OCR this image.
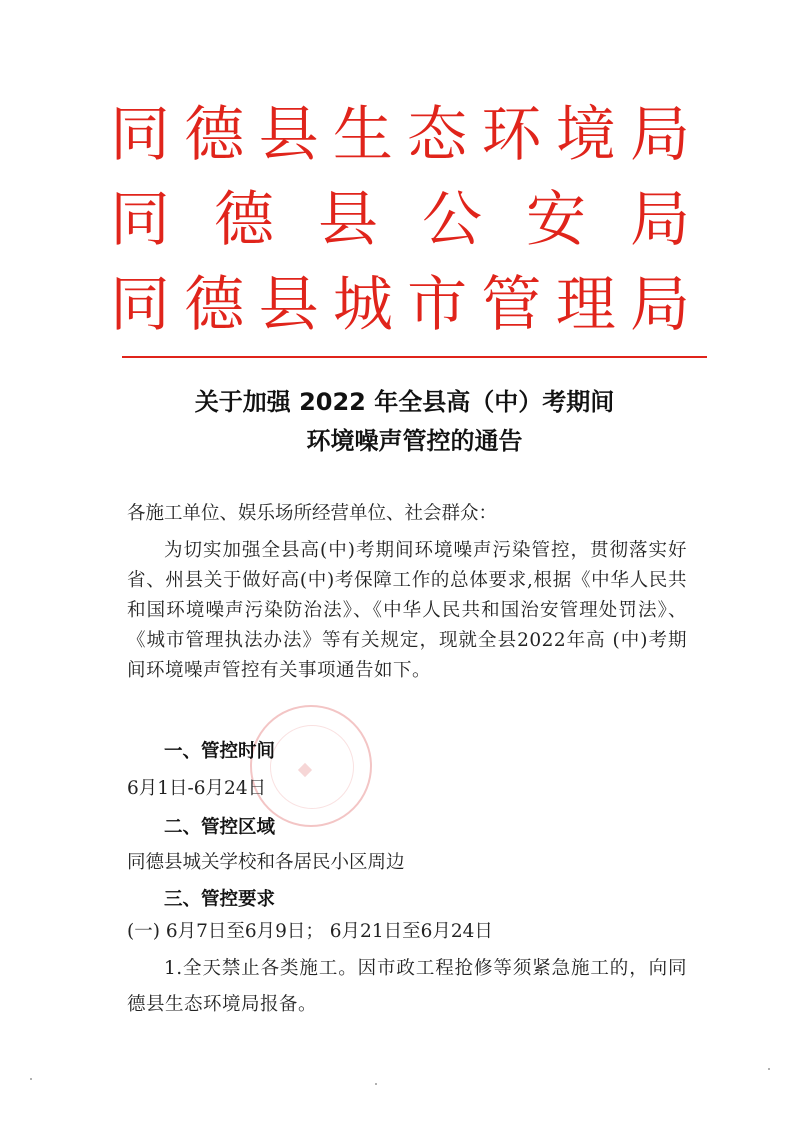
同德县生态环境局
同德县公安局
同德县城市管理局
关于加强 2022 年全县高（中）考期间
环境噪声管控的通告
各施工单位、娱乐场所经营单位、社会群众：
为切实加强全县高(中)考期间环境噪声污染管控，贯彻落实好省、州县关于做好高(中)考保障工作的总体要求,根据《中华人民共和国环境噪声污染防治法》、《中华人民共和国治安管理处罚法》、《城市管理执法办法》等有关规定，现就全县2022年高 (中)考期间环境噪声管控有关事项通告如下。
一、管控时间
6月1日-6月24日
二、管控区域
同德县城关学校和各居民小区周边
三、管控要求
(一) 6月7日至6月9日； 6月21日至6月24日
1.全天禁止各类施工。因市政工程抢修等须紧急施工的，向同德县生态环境局报备。
